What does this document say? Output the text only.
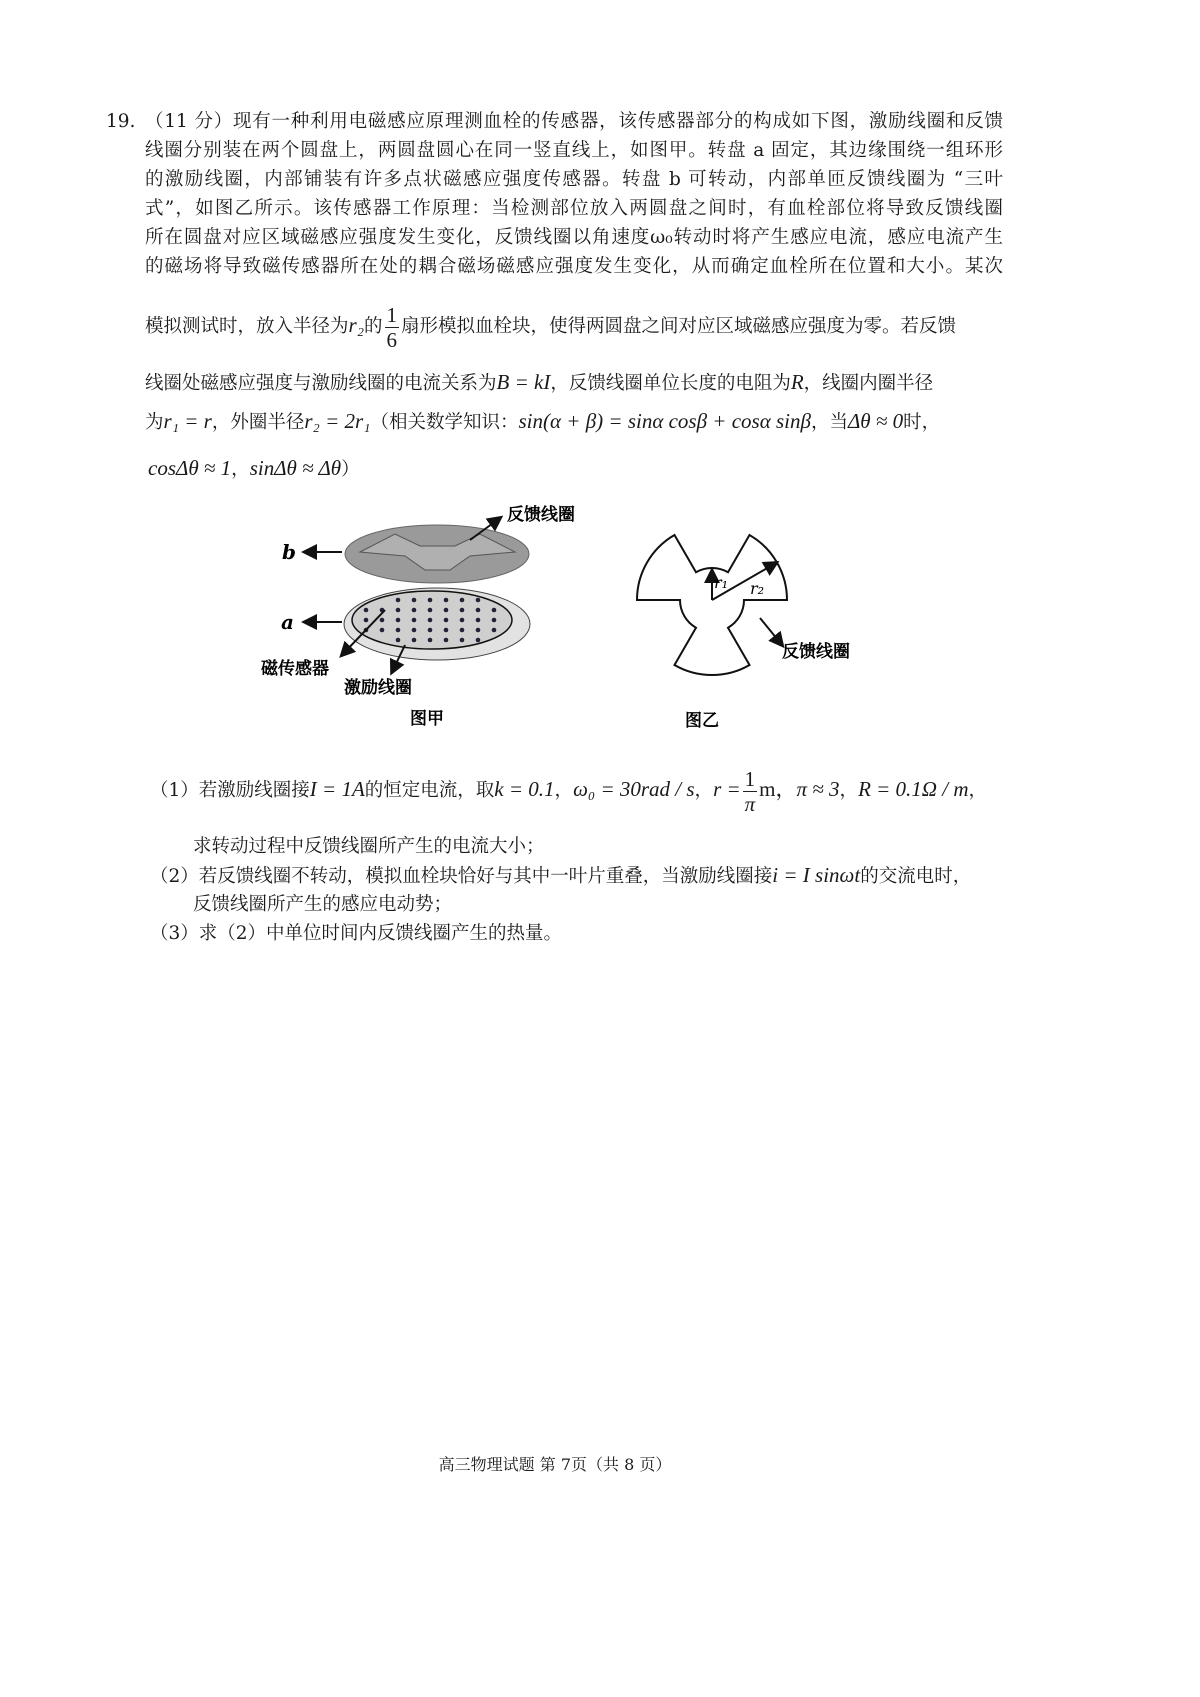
19. （11 分）现有一种利用电磁感应原理测血栓的传感器，该传感器部分的构成如下图，激励线圈和反馈
线圈分别装在两个圆盘上，两圆盘圆心在同一竖直线上，如图甲。转盘 a 固定，其边缘围绕一组环形
的激励线圈，内部铺装有许多点状磁感应强度传感器。转盘 b 可转动，内部单匝反馈线圈为 “三叶
式”，如图乙所示。该传感器工作原理：当检测部位放入两圆盘之间时，有血栓部位将导致反馈线圈
所在圆盘对应区域磁感应强度发生变化，反馈线圈以角速度ω₀转动时将产生感应电流，感应电流产生
的磁场将导致磁传感器所在处的耦合磁场磁感应强度发生变化，从而确定血栓所在位置和大小。某次
模拟测试时，放入半径为r₂的 $\frac{1}{6}$ 扇形模拟血栓块，使得两圆盘之间对应区域磁感应强度为零。若反馈
线圈处磁感应强度与激励线圈的电流关系为B = kI，反馈线圈单位长度的电阻为R，线圈内圈半径
为r₁ = r，外圈半径r₂ = 2r₁（相关数学知识：sin(α + β) = sinα cosβ + cosα sinβ，当Δθ ≈ 0时，
cosΔθ ≈ 1，sinΔθ ≈ Δθ）
b
a
反馈线圈
磁传感器
激励线圈
图甲
r₁ r₂
反馈线圈
图乙
（1）若激励线圈接I = 1A的恒定电流，取k = 0.1，ω₀ = 30rad / s，$r = \frac{1}{\pi}$ m，π ≈ 3，R = 0.1Ω / m，
求转动过程中反馈线圈所产生的电流大小；
（2）若反馈线圈不转动，模拟血栓块恰好与其中一叶片重叠，当激励线圈接i = I sinωt的交流电时，
反馈线圈所产生的感应电动势；
（3）求（2）中单位时间内反馈线圈产生的热量。
高三物理试题 第 7页（共 8 页）
